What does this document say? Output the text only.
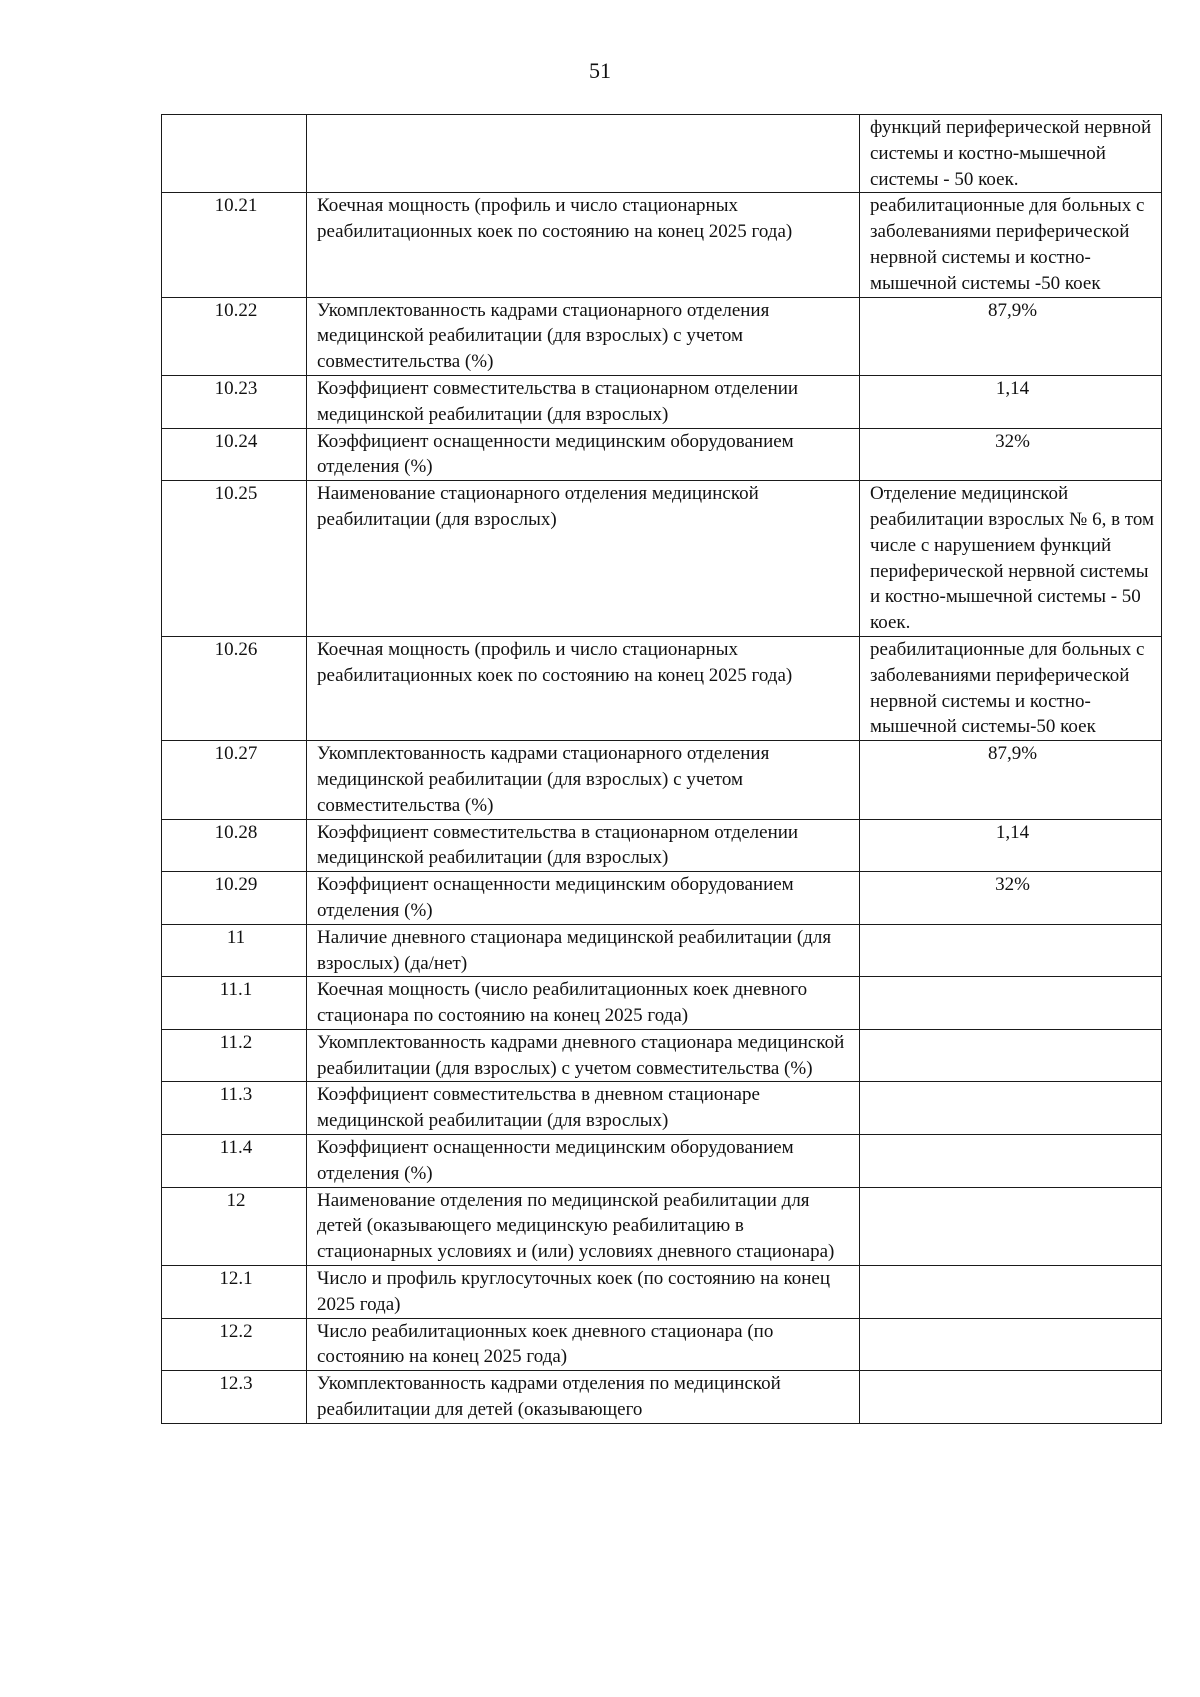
51
		функций периферической нервной системы и костно-мышечной системы - 50 коек.
10.21	Коечная мощность (профиль и число стационарных реабилитационных коек по состоянию на конец 2025 года)	реабилитационные для больных с заболеваниями периферической нервной системы и костно-мышечной системы -50 коек
10.22	Укомплектованность кадрами стационарного отделения медицинской реабилитации (для взрослых) с учетом совместительства (%)	87,9%
10.23	Коэффициент совместительства в стационарном отделении медицинской реабилитации (для взрослых)	1,14
10.24	Коэффициент оснащенности медицинским оборудованием отделения (%)	32%
10.25	Наименование стационарного отделения медицинской реабилитации (для взрослых)	Отделение медицинской реабилитации взрослых № 6, в том числе с нарушением функций периферической нервной системы и костно-мышечной системы - 50 коек.
10.26	Коечная мощность (профиль и число стационарных реабилитационных коек по состоянию на конец 2025 года)	реабилитационные для больных с заболеваниями периферической нервной системы и костно-мышечной системы-50 коек
10.27	Укомплектованность кадрами стационарного отделения медицинской реабилитации (для взрослых) с учетом совместительства (%)	87,9%
10.28	Коэффициент совместительства в стационарном отделении медицинской реабилитации (для взрослых)	1,14
10.29	Коэффициент оснащенности медицинским оборудованием отделения (%)	32%
11	Наличие дневного стационара медицинской реабилитации (для взрослых) (да/нет)	
11.1	Коечная мощность (число реабилитационных коек дневного стационара по состоянию на конец 2025 года)	
11.2	Укомплектованность кадрами дневного стационара медицинской реабилитации (для взрослых) с учетом совместительства (%)	
11.3	Коэффициент совместительства в дневном стационаре медицинской реабилитации (для взрослых)	
11.4	Коэффициент оснащенности медицинским оборудованием отделения (%)	
12	Наименование отделения по медицинской реабилитации для детей (оказывающего медицинскую реабилитацию в стационарных условиях и (или) условиях дневного стационара)	
12.1	Число и профиль круглосуточных коек (по состоянию на конец 2025 года)	
12.2	Число реабилитационных коек дневного стационара (по состоянию на конец 2025 года)	
12.3	Укомплектованность кадрами отделения по медицинской реабилитации для детей (оказывающего	
